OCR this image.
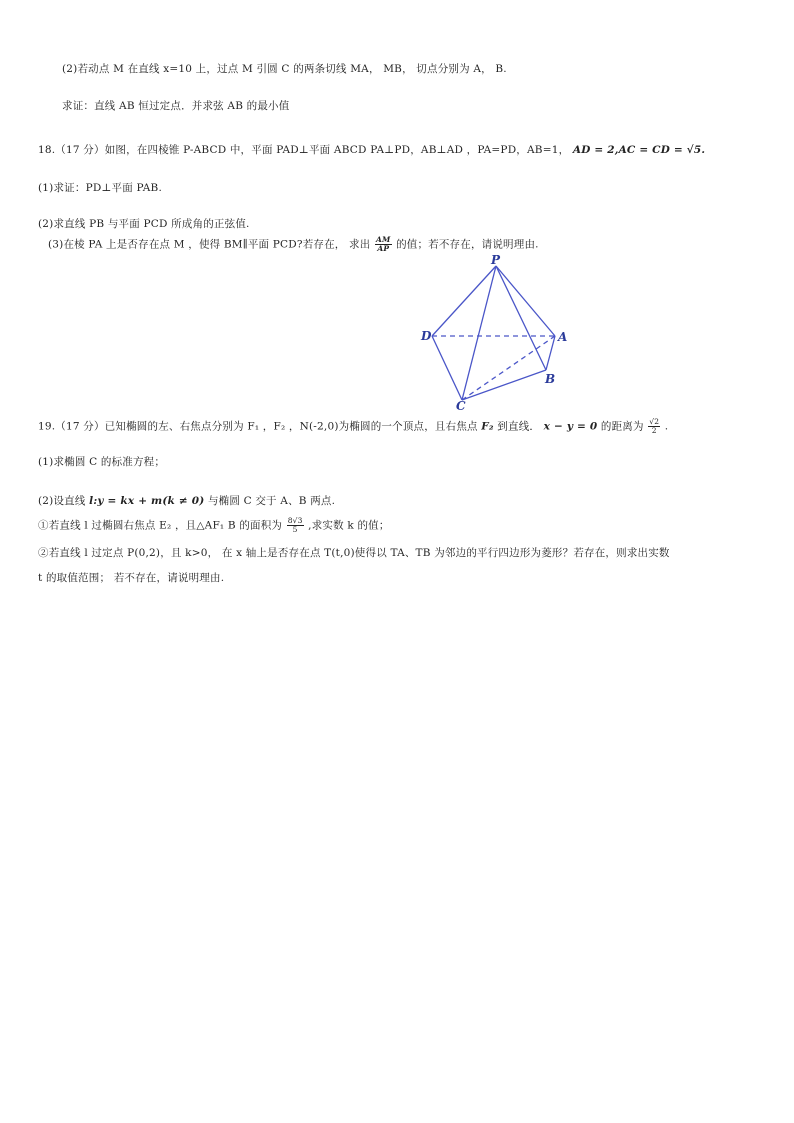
(2)若动点 M 在直线 x=10 上，过点 M 引圆 C 的两条切线 MA， MB， 切点分别为 A， B.
求证：直线 AB 恒过定点．并求弦 AB 的最小值
18.（17 分）如图，在四棱锥 P-ABCD 中，平面 PAD⊥平面 ABCD PA⊥PD，AB⊥AD ，PA=PD，AB=1， AD = 2,AC = CD = √5.
(1)求证：PD⊥平面 PAB.
(2)求直线 PB 与平面 PCD 所成角的正弦值.
(3)在棱 PA 上是否存在点 M ，使得 BM∥平面 PCD?若存在， 求出 $\frac{AM}{AP}$ 的值；若不存在，请说明理由.
P
D	A
B
C
19.（17 分）已知椭圆的左、右焦点分别为 F₁ ，F₂ ，N(-2,0)为椭圆的一个顶点，且右焦点 F₂ 到直线． x − y = 0 的距离为 $\frac{√2}{2}$ .
(1)求椭圆 C 的标准方程；
(2)设直线 l:y = kx + m(k ≠ 0) 与椭圆 C 交于 A、B 两点.
①若直线 l 过椭圆右焦点 E₂ ，且△AF₁ B 的面积为 $\frac{8√3}{5}$ ,求实数 k 的值；
②若直线 l 过定点 P(0,2)，且 k>0， 在 x 轴上是否存在点 T(t,0)使得以 TA、TB 为邻边的平行四边形为菱形？若存在，则求出实数
t 的取值范围； 若不存在，请说明理由.
